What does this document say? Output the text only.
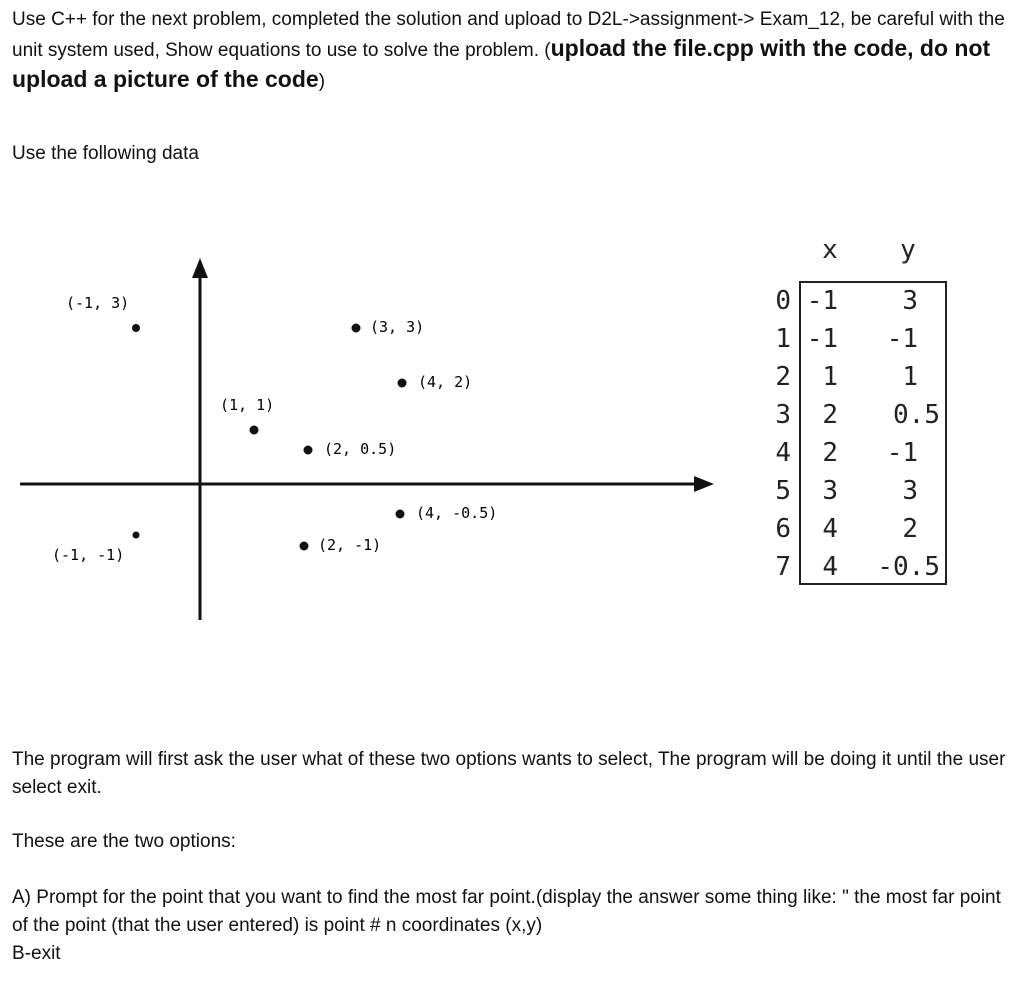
Use C++ for the next problem, completed the solution and upload to D2L->assignment-> Exam_12, be careful with the unit system used, Show equations to use to solve the problem. (upload the file.cpp with the code, do not upload a picture of the code)
Use the following data
(-1, 3)
(3, 3)
(4, 2)
(1, 1)
(2, 0.5)
(4, -0.5)
(-1, -1)
(2, -1)
x y
0 -1 3
1 -1 -1
2 1 1
3 2 0.5
4 2 -1
5 3 3
6 4 2
7 4 -0.5
The program will first ask the user what of these two options wants to select, The program will be doing it until the user select exit.
These are the two options:
A) Prompt for the point that you want to find the most far point.(display the answer some thing like: " the most far point of the point (that the user entered) is point # n coordinates (x,y)
B-exit
